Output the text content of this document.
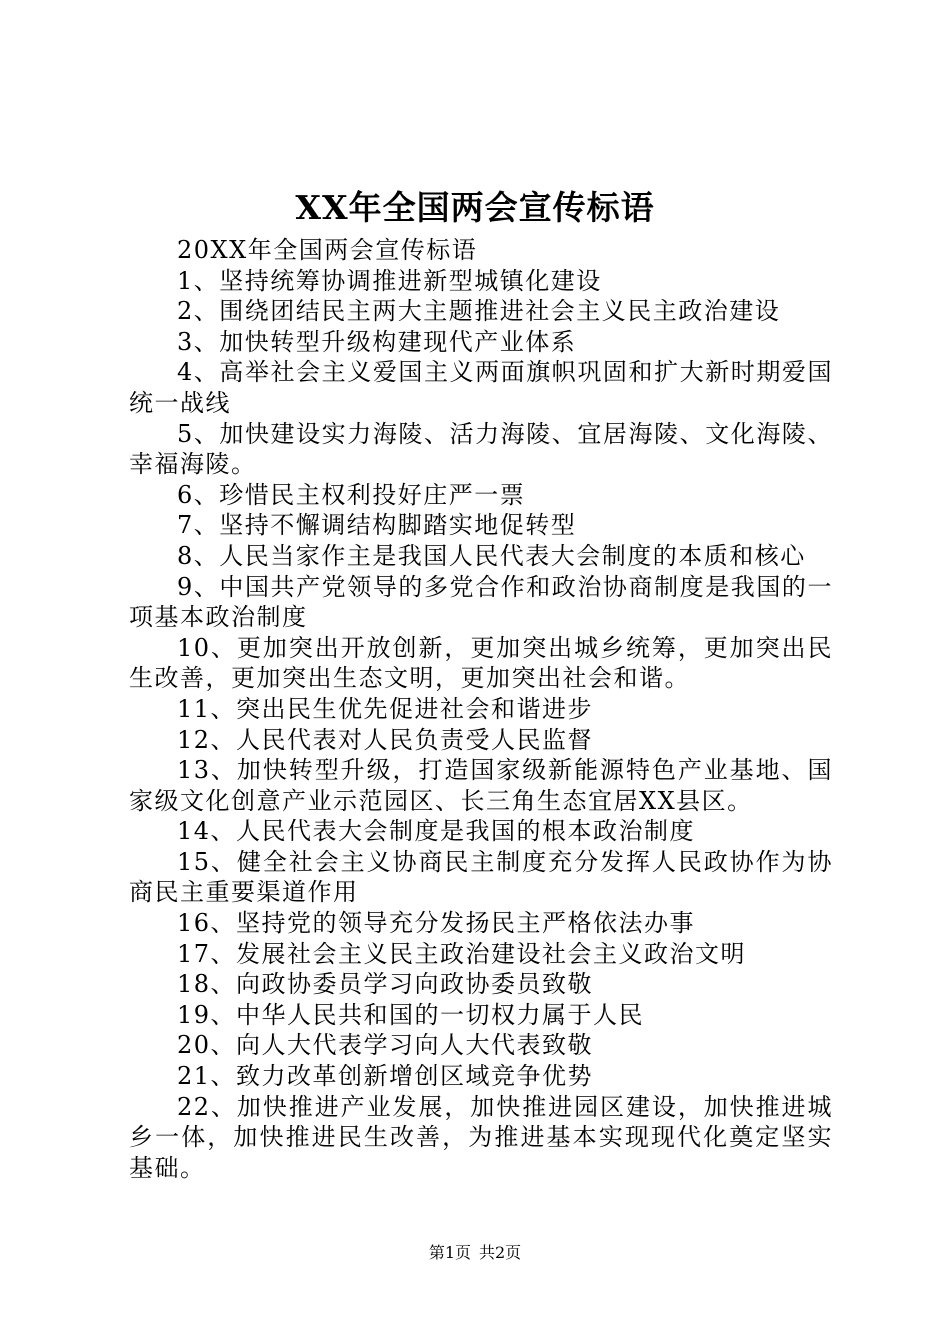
XX年全国两会宣传标语

20XX年全国两会宣传标语

1、坚持统筹协调推进新型城镇化建设

2、围绕团结民主两大主题推进社会主义民主政治建设

3、加快转型升级构建现代产业体系

4、高举社会主义爱国主义两面旗帜巩固和扩大新时期爱国统一战线

5、加快建设实力海陵、活力海陵、宜居海陵、文化海陵、幸福海陵。

6、珍惜民主权利投好庄严一票

7、坚持不懈调结构脚踏实地促转型

8、人民当家作主是我国人民代表大会制度的本质和核心

9、中国共产党领导的多党合作和政治协商制度是我国的一项基本政治制度

10、更加突出开放创新，更加突出城乡统筹，更加突出民生改善，更加突出生态文明，更加突出社会和谐。

11、突出民生优先促进社会和谐进步

12、人民代表对人民负责受人民监督

13、加快转型升级，打造国家级新能源特色产业基地、国家级文化创意产业示范园区、长三角生态宜居XX县区。

14、人民代表大会制度是我国的根本政治制度

15、健全社会主义协商民主制度充分发挥人民政协作为协商民主重要渠道作用

16、坚持党的领导充分发扬民主严格依法办事

17、发展社会主义民主政治建设社会主义政治文明

18、向政协委员学习向政协委员致敬

19、中华人民共和国的一切权力属于人民

20、向人大代表学习向人大代表致敬

21、致力改革创新增创区域竞争优势

22、加快推进产业发展，加快推进园区建设，加快推进城乡一体，加快推进民生改善，为推进基本实现现代化奠定坚实基础。

第1页 共2页
